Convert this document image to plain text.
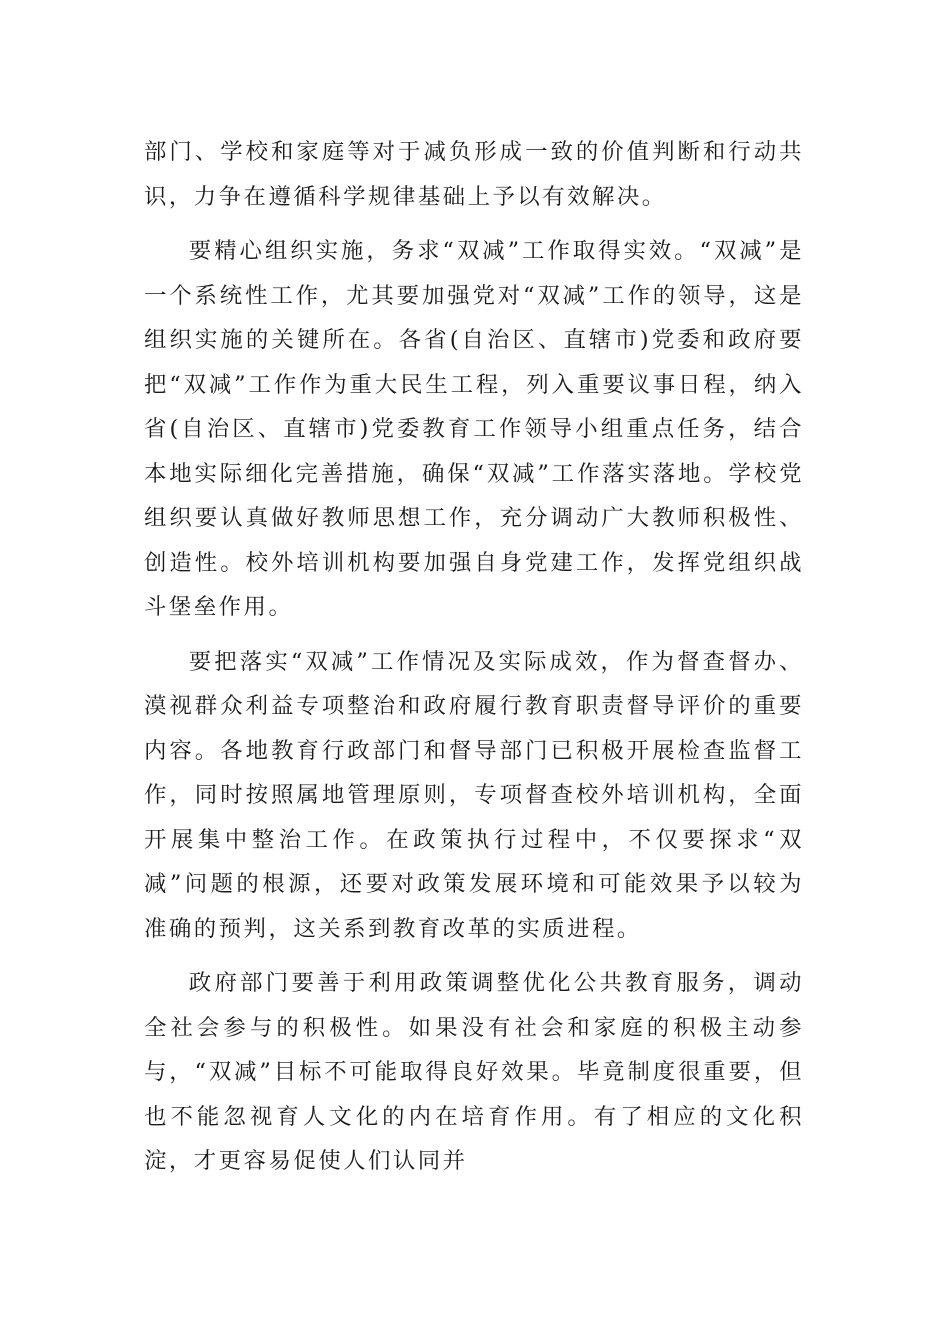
部门、学校和家庭等对于减负形成一致的价值判断和行动共识，力争在遵循科学规律基础上予以有效解决。

要精心组织实施，务求“双减”工作取得实效。“双减”是一个系统性工作，尤其要加强党对“双减”工作的领导，这是组织实施的关键所在。各省(自治区、直辖市)党委和政府要把“双减”工作作为重大民生工程，列入重要议事日程，纳入省(自治区、直辖市)党委教育工作领导小组重点任务，结合本地实际细化完善措施，确保“双减”工作落实落地。学校党组织要认真做好教师思想工作，充分调动广大教师积极性、创造性。校外培训机构要加强自身党建工作，发挥党组织战斗堡垒作用。

要把落实“双减”工作情况及实际成效，作为督查督办、漠视群众利益专项整治和政府履行教育职责督导评价的重要内容。各地教育行政部门和督导部门已积极开展检查监督工作，同时按照属地管理原则，专项督查校外培训机构，全面开展集中整治工作。在政策执行过程中，不仅要探求“双减”问题的根源，还要对政策发展环境和可能效果予以较为准确的预判，这关系到教育改革的实质进程。

政府部门要善于利用政策调整优化公共教育服务，调动全社会参与的积极性。如果没有社会和家庭的积极主动参与，“双减”目标不可能取得良好效果。毕竟制度很重要，但也不能忽视育人文化的内在培育作用。有了相应的文化积淀，才更容易促使人们认同并
